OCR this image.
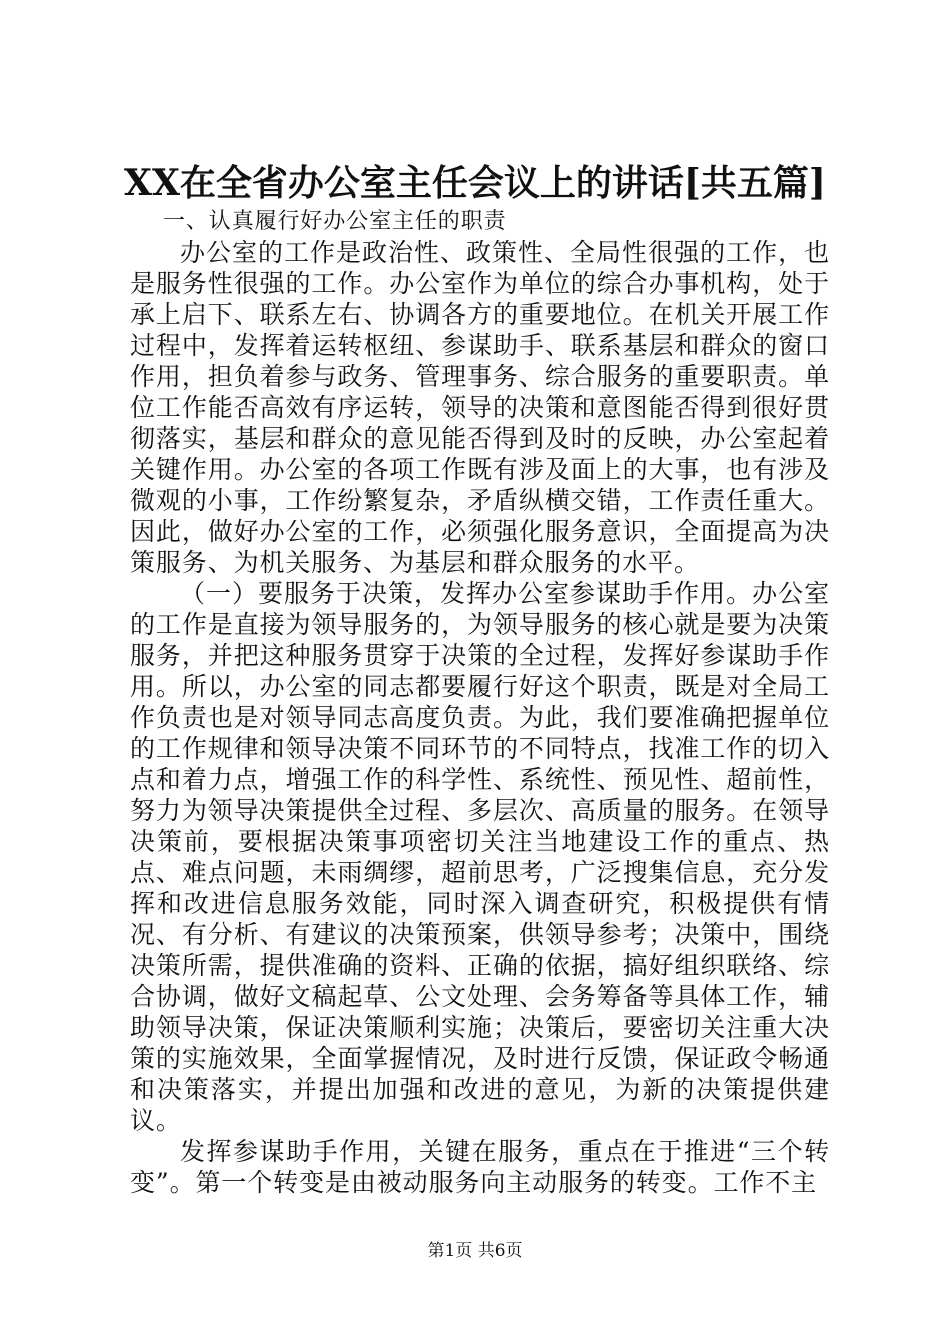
XX在全省办公室主任会议上的讲话[共五篇]

一、认真履行好办公室主任的职责

办公室的工作是政治性、政策性、全局性很强的工作，也是服务性很强的工作。办公室作为单位的综合办事机构，处于承上启下、联系左右、协调各方的重要地位。在机关开展工作过程中，发挥着运转枢纽、参谋助手、联系基层和群众的窗口作用，担负着参与政务、管理事务、综合服务的重要职责。单位工作能否高效有序运转，领导的决策和意图能否得到很好贯彻落实，基层和群众的意见能否得到及时的反映，办公室起着关键作用。办公室的各项工作既有涉及面上的大事，也有涉及微观的小事，工作纷繁复杂，矛盾纵横交错，工作责任重大。因此，做好办公室的工作，必须强化服务意识，全面提高为决策服务、为机关服务、为基层和群众服务的水平。

（一）要服务于决策，发挥办公室参谋助手作用。办公室的工作是直接为领导服务的，为领导服务的核心就是要为决策服务，并把这种服务贯穿于决策的全过程，发挥好参谋助手作用。所以，办公室的同志都要履行好这个职责，既是对全局工作负责也是对领导同志高度负责。为此，我们要准确把握单位的工作规律和领导决策不同环节的不同特点，找准工作的切入点和着力点，增强工作的科学性、系统性、预见性、超前性，努力为领导决策提供全过程、多层次、高质量的服务。在领导决策前，要根据决策事项密切关注当地建设工作的重点、热点、难点问题，未雨绸缪，超前思考，广泛搜集信息，充分发挥和改进信息服务效能，同时深入调查研究，积极提供有情况、有分析、有建议的决策预案，供领导参考；决策中，围绕决策所需，提供准确的资料、正确的依据，搞好组织联络、综合协调，做好文稿起草、公文处理、会务筹备等具体工作，辅助领导决策，保证决策顺利实施；决策后，要密切关注重大决策的实施效果，全面掌握情况，及时进行反馈，保证政令畅通和决策落实，并提出加强和改进的意见，为新的决策提供建议。

发挥参谋助手作用，关键在服务，重点在于推进“三个转变”。第一个转变是由被动服务向主动服务的转变。工作不主

第1页 共6页
